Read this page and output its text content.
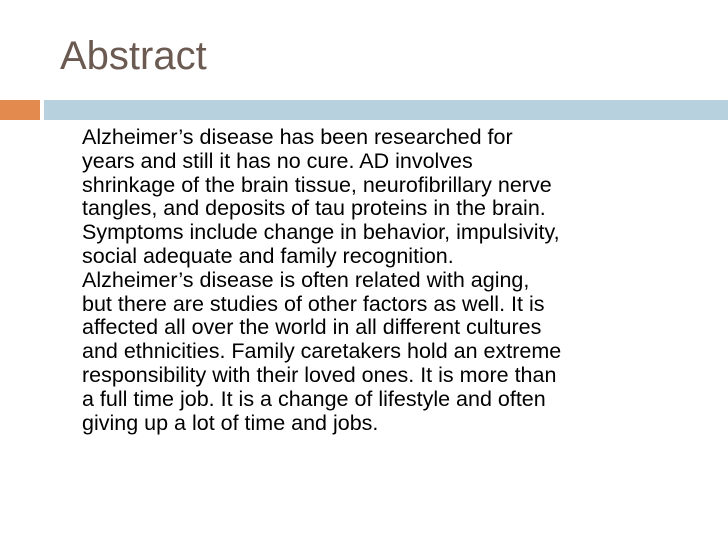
Abstract
Alzheimer’s disease has been researched for
years and still it has no cure. AD involves
shrinkage of the brain tissue, neurofibrillary nerve
tangles, and deposits of tau proteins in the brain.
Symptoms include change in behavior, impulsivity,
social adequate and family recognition.
Alzheimer’s disease is often related with aging,
but there are studies of other factors as well. It is
affected all over the world in all different cultures
and ethnicities. Family caretakers hold an extreme
responsibility with their loved ones. It is more than
a full time job. It is a change of lifestyle and often
giving up a lot of time and jobs.
